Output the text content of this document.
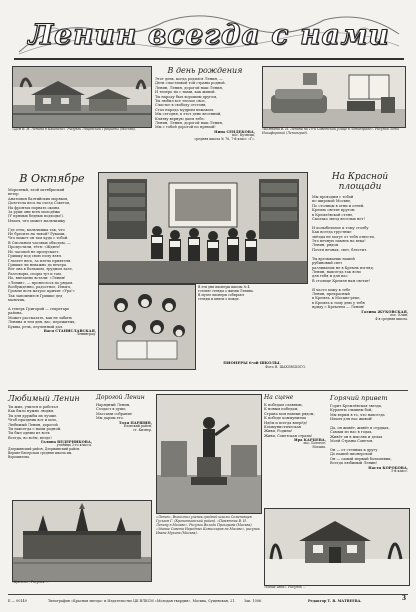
Ленин всегда с нами
«Дом В. И. Ленина в Кашпине». Рисунок Лицинской Грацианы (Москва).
В день рождения

Этот день, когда родился Ленин, —

Дети счастливой той страны родной.

Ленин, Ленин, дорогой наш Ленин,

И теперь ты с нами, как живой.

Ты народу был хорошим другом,

Ты любил все теплое свое,

Счастье в свободу отстояв,

Стал народа мудрым вожаком.

Мы сегодня, в этот день весенний,

Клятву верную даем тебе:

Ленин, Ленин, дорогой наш Ленин,

Мы с тобой дорогой по прямой!

Нина СЕНДЕКОВА,
пос. Кузнецк,
средняя школа № 76, 7-й класс «Г».
«Комната В. И. Ленина на 10-й Советской улице в Ленинграде». Рисунок Лены Никифоровой (Ленинград).
В Октябре

Морозный, злой октябрьский

ветер

Анатомия балтийских моряков,

Долетела весь на съезд Советов,

На фронтах порвать оковы.

За руки они всех молодёжь

(У прямых бедных подходы!).

Ильич, что может мальчишку

Где отец, мальчишка так, что

Не бросить на тихой? Руками,

Что может он там куда с тобой.

В Смольном часовых обходом, —

Пропустили, тётя: «Ждите!

Но часовой не пропускает.

Гришку под свою полу взял.

Глазеет весь, за плечо приятеля.

Гришке ли неважно до вечера.

Вот она в большом, трудном зале,

Разговоры, споры тут и там.

Но, внезапно встали: «Ленин!

«Ленин», — пронеслось по рядам.

Возбужденно, радостное, Ильич,

Громче всех матрос кричит «Ура!»

Так запомнился Гришке дед

мальчик,

А теперь Григорий — секретарь

района,

Может рассказать, как не забыть

Ленина и тем дня, вас, пережитых,

Буквы, речь, изученный дал.

Вася СТАНИСЛАВСКАЯ,
Ленинград.
В эти дни пионеры школы № 4
готовят стенды о жизни Ленина.
В музее пионеры собирают
стенды и книги о вожде.
ПИОНЕРЫ 6-ой ШКОЛЫ.
Фото Н. ШАХОВСКОГО.
На Красной площади

Мы проходим с тобой

по широкой Москве,

По столицы в огни и огней.

Кремль светит кругом

в Кремлёвской стене,

Сколько звезд веселых нет!

И колыбельное к тому столбу

Как всегда грустные

звёзды не могут от тебя отвести,

Это вечную память на века!

Ленин, рядом

Почти вечная, свет, блестит.

Ты врезываешь нашей

рубиновый свет

разливаешь не в Кремль взгляд.

Ленин, навсегда так ясно

для тебя и для нас

В столице Кремля нам светит!

Я часто хожу к тебе

Ленин, прекрасный

в Кремль, к Москве-реке,

в Кремль к тому дню у тебя

приду с Кремлем — Ленин!

Галина ЖУКОВСКАЯ,
пос. Клин,
4-я средняя школа.
Любимый Ленин

Ты жил, учился и работал

Как было нужно людям.

Ты для дружбы их лучше.

Чтоб праздник вот и шло,

Любимый Ленин, дорогой

Ты навсегда с нами родной.

Ты был одним из всех

Всегда, во всём, везде!

Галина ВЕДЕРНИКОВА,
ученица 3-го класса.
Дзержинский район, Дзержинский район. Верхне-Бисерская средняя школа им. Ворошилова.
Дорогой Ленин

Нарядный Ленин,

Создаст в душе,

Массами собрание

Мы дарим его.

Толя ПАРШИН,
Еловский район,
ст. Кизнер.
На сцене

К победам славным,

К новым победам,

Страна моя навеки рядом,

К победе коммунизма

Идём и всегда вперёд!

Коммунистическая

Живи, Родина!

Живи, Советская страна!

Ира КАРЦЕВА,
пос. Бологое,
Москва.
Горячий привет

Горит Кремлёвская звезда,

Куранты слышны бой,

Мы верим в то, что навсегда

Ильич для нас живой!

Да, он живёт, живёт в сердцах,

Самым из нас в годах,

Живёт он в мыслях и делах

Моей Страны Советов.

Он — от степных к другу

До нашей пионерской

Он — самый первый большевик,

Всегда любимый Ленин!

Настя КОРОБОВА,
5-й класс.
«Кремль». Рисунок ...
«Ленин». Выполнил ученик средней школы Семеновцев Гуськов Г. (Кропоткинский район). «Памятник В. И. Ленину в Москве». Рисунок Володи Прохорова (Москва). «Здание Совета Народных Комиссаров на Москве», рисунок Ивана Мухина (Москва).
«Наша изба». Рисунок ...
Б — 00149	Типография «Красная звезда» и Издательство ЦК ВЛКСМ «Молодая гвардия». Москва, Сущевская, 21.	Зак. 1006.	Редактор Т. В. МАТВЕЕВА.	3
